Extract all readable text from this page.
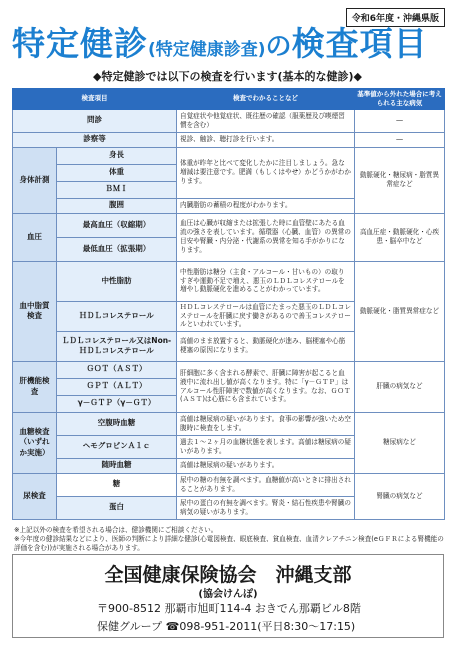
令和6年度・沖縄県版
特定健診(特定健康診査)の検査項目
◆特定健診では以下の検査を行います(基本的な健診)◆
検査項目		検査でわかることなど	基準値から外れた場合に考えられる主な病気
問診		自覚症状や他覚症状、既往歴の確認（服薬歴及び喫煙習慣を含む）	―
診察等		視診、触診、聴打診を行います。	―
身体計測	身長	体重が昨年と比べて変化したかに注目しましょう。急な増減は要注意です。肥満（もしくはやせ）かどうかがわかります。	動脈硬化・糖尿病・脂質異常症など
	体重		
	ＢＭＩ		
	腹囲	内臓脂肪の蓄積の程度がわかります。	
血圧	最高血圧（収縮期）	血圧は心臓が収縮または拡張した時に血管壁にあたる血流の強さを表しています。循環器（心臓、血管）の異常の目安や腎臓・内分泌・代謝系の異常を知る手がかりになります。	高血圧症・動脈硬化・心疾患・脳卒中など
	最低血圧（拡張期）		
血中脂質検査	中性脂肪	中性脂肪は糖分（主食・アルコール・甘いもの）の取りすぎや運動不足で増え、悪玉のＬＤＬコレステロールを増やし動脈硬化を進めることがわかっています。	動脈硬化・脂質異常症など
	ＨＤＬコレステロール	ＨＤＬコレステロールは血管にたまった悪玉のＬＤＬコレステロールを肝臓に戻す働きがあるので善玉コレステロールといわれています。	
	ＬＤＬコレステロール又はNon-ＨＤＬコレステロール	高値のまま放置すると、動脈硬化が進み、脳梗塞や心筋梗塞の原因になります。	
肝機能検査	ＧＯＴ（ＡＳＴ）	肝細胞に多く含まれる酵素で、肝臓に障害が起こると血液中に流れ出し値が高くなります。特に「γ－ＧＴＰ」はアルコール性肝障害で数値が高くなります。なお、ＧＯＴ(ＡＳＴ)は心筋にも含まれています。	肝臓の病気など
	ＧＰＴ（ＡＬＴ）		
	γ－ＧＴＰ（γ－ＧＴ）		
血糖検査（いずれか実施）	空腹時血糖	高値は糖尿病の疑いがあります。食事の影響が強いため空腹時に検査をします。	糖尿病など
	ヘモグロビンＡ１ｃ	過去１～２ヶ月の血糖状態を表します。高値は糖尿病の疑いがあります。	
	随時血糖	高値は糖尿病の疑いがあります。	
尿検査	糖	尿中の糖の有無を調べます。血糖値が高いときに排出されることがあります。	腎臓の病気など
	蛋白	尿中の蛋白の有無を調べます。腎炎・結石性疾患や腎臓の病気の疑いがあります。	
※上記以外の検査を希望される場合は、健診機関にご相談ください。
※今年度の健診結果などにより、医師の判断により詳細な健診(心電図検査、眼底検査、貧血検査、血清クレアチニン検査(eＧＦＲによる腎機能の評価を含む))が実施される場合があります。
全国健康保険協会　沖縄支部
(協会けんぽ)
〒900-8512 那覇市旭町114-4 おきでん那覇ビル8階
保健グループ ☎098-951-2011(平日8:30～17:15)
